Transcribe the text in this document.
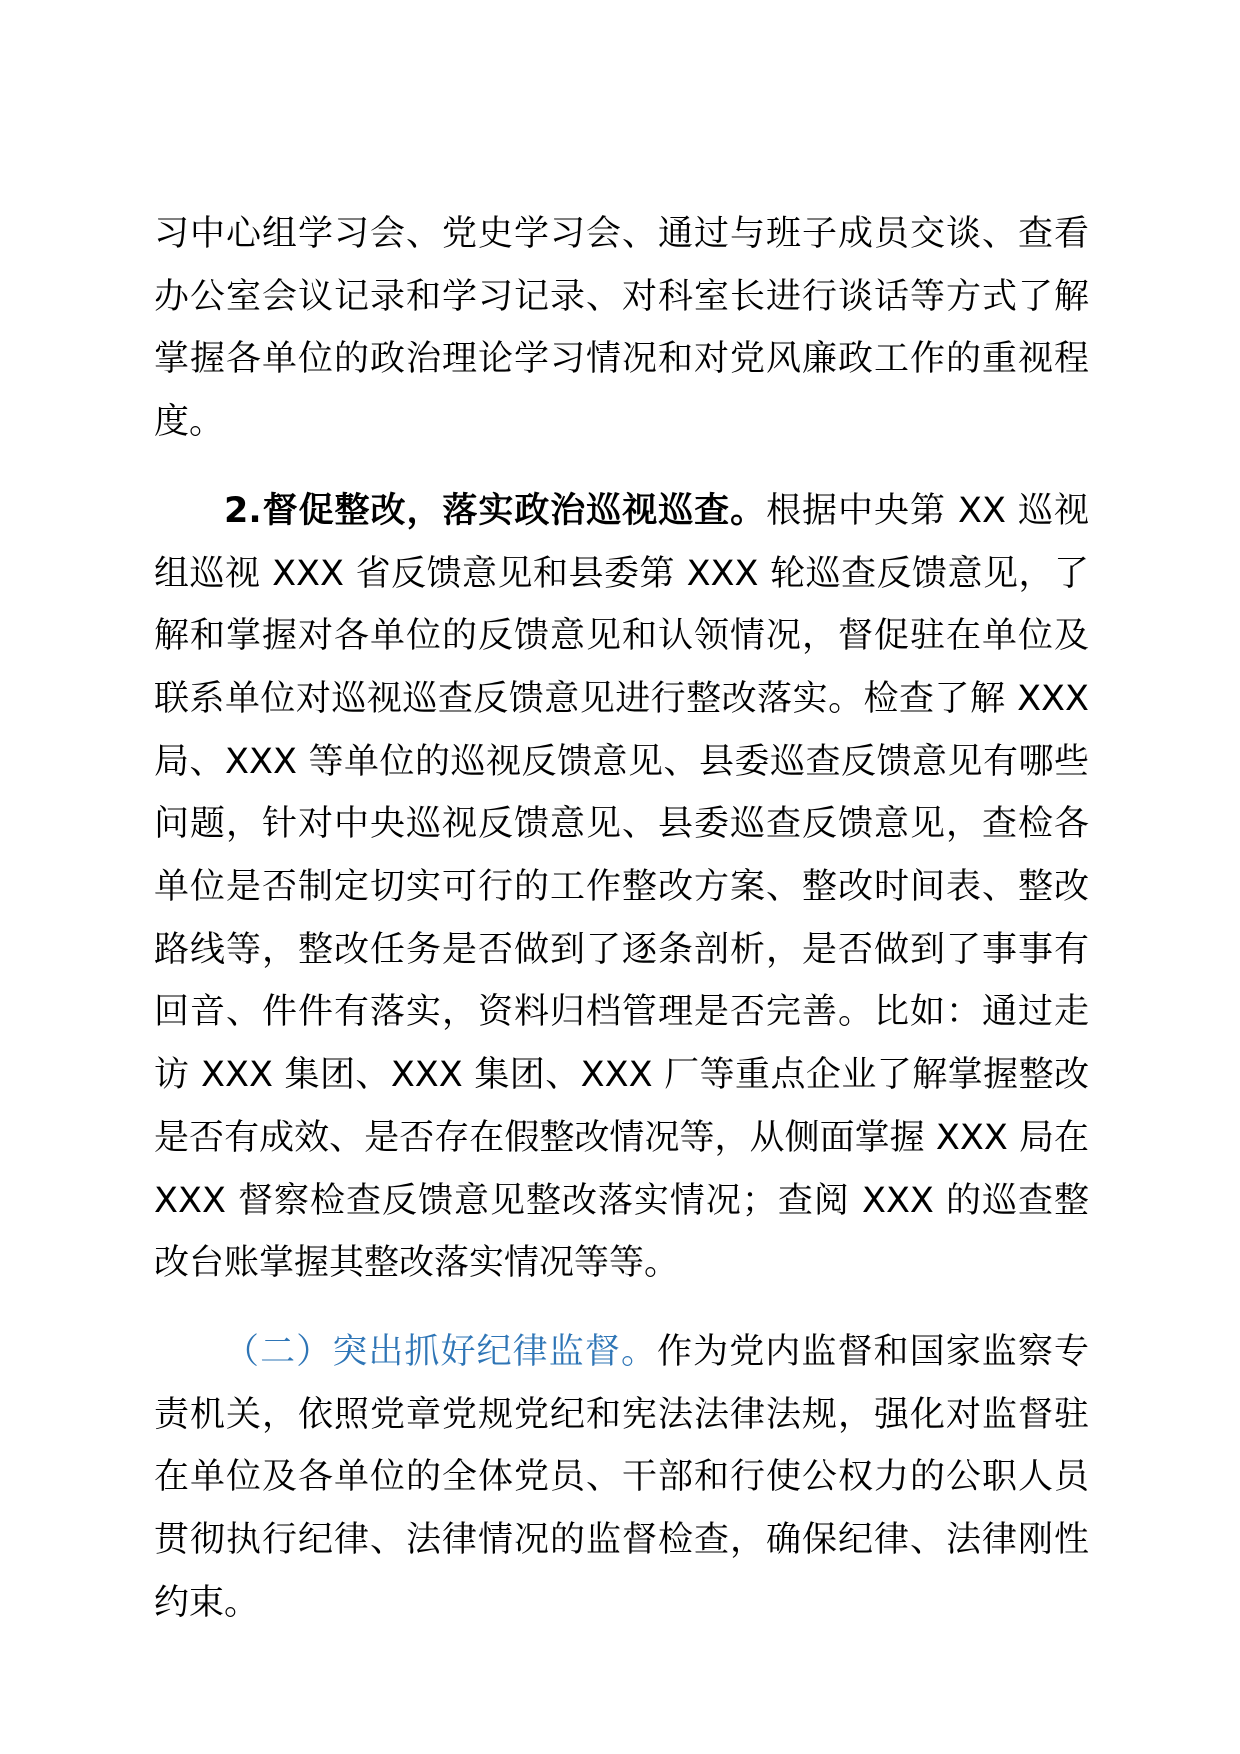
习中心组学习会、党史学习会、通过与班子成员交谈、查看办公室会议记录和学习记录、对科室长进行谈话等方式了解掌握各单位的政治理论学习情况和对党风廉政工作的重视程度。

2.督促整改，落实政治巡视巡查。根据中央第 XX 巡视组巡视 XXX 省反馈意见和县委第 XXX 轮巡查反馈意见，了解和掌握对各单位的反馈意见和认领情况，督促驻在单位及联系单位对巡视巡查反馈意见进行整改落实。检查了解 XXX 局、XXX 等单位的巡视反馈意见、县委巡查反馈意见有哪些问题，针对中央巡视反馈意见、县委巡查反馈意见，查检各单位是否制定切实可行的工作整改方案、整改时间表、整改路线等，整改任务是否做到了逐条剖析，是否做到了事事有回音、件件有落实，资料归档管理是否完善。比如：通过走访 XXX 集团、XXX 集团、XXX 厂等重点企业了解掌握整改是否有成效、是否存在假整改情况等，从侧面掌握 XXX 局在 XXX 督察检查反馈意见整改落实情况；查阅 XXX 的巡查整改台账掌握其整改落实情况等等。

（二）突出抓好纪律监督。作为党内监督和国家监察专责机关，依照党章党规党纪和宪法法律法规，强化对监督驻在单位及各单位的全体党员、干部和行使公权力的公职人员贯彻执行纪律、法律情况的监督检查，确保纪律、法律刚性约束。
